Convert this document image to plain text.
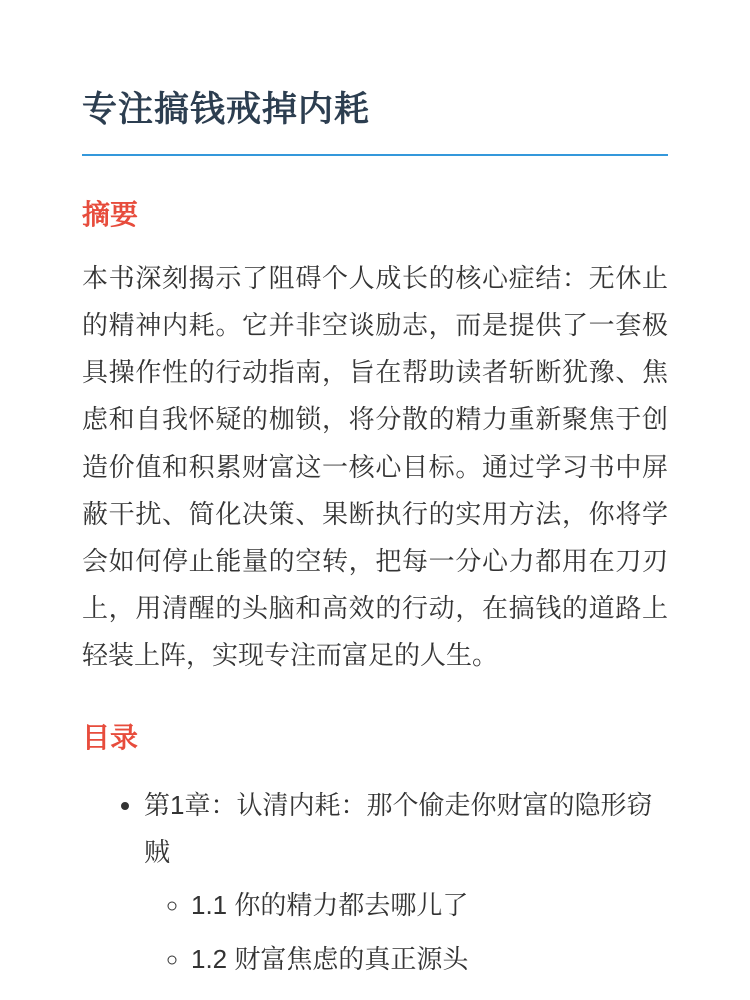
专注搞钱戒掉内耗
摘要

本书深刻揭示了阻碍个人成长的核心症结：无休止的精神内耗。它并非空谈励志，而是提供了一套极具操作性的行动指南，旨在帮助读者斩断犹豫、焦虑和自我怀疑的枷锁，将分散的精力重新聚焦于创造价值和积累财富这一核心目标。通过学习书中屏蔽干扰、简化决策、果断执行的实用方法，你将学会如何停止能量的空转，把每一分心力都用在刀刃上，用清醒的头脑和高效的行动，在搞钱的道路上轻装上阵，实现专注而富足的人生。

目录
• 第1章：认清内耗：那个偷走你财富的隐形窃贼
◦ 1.1 你的精力都去哪儿了
◦ 1.2 财富焦虑的真正源头
